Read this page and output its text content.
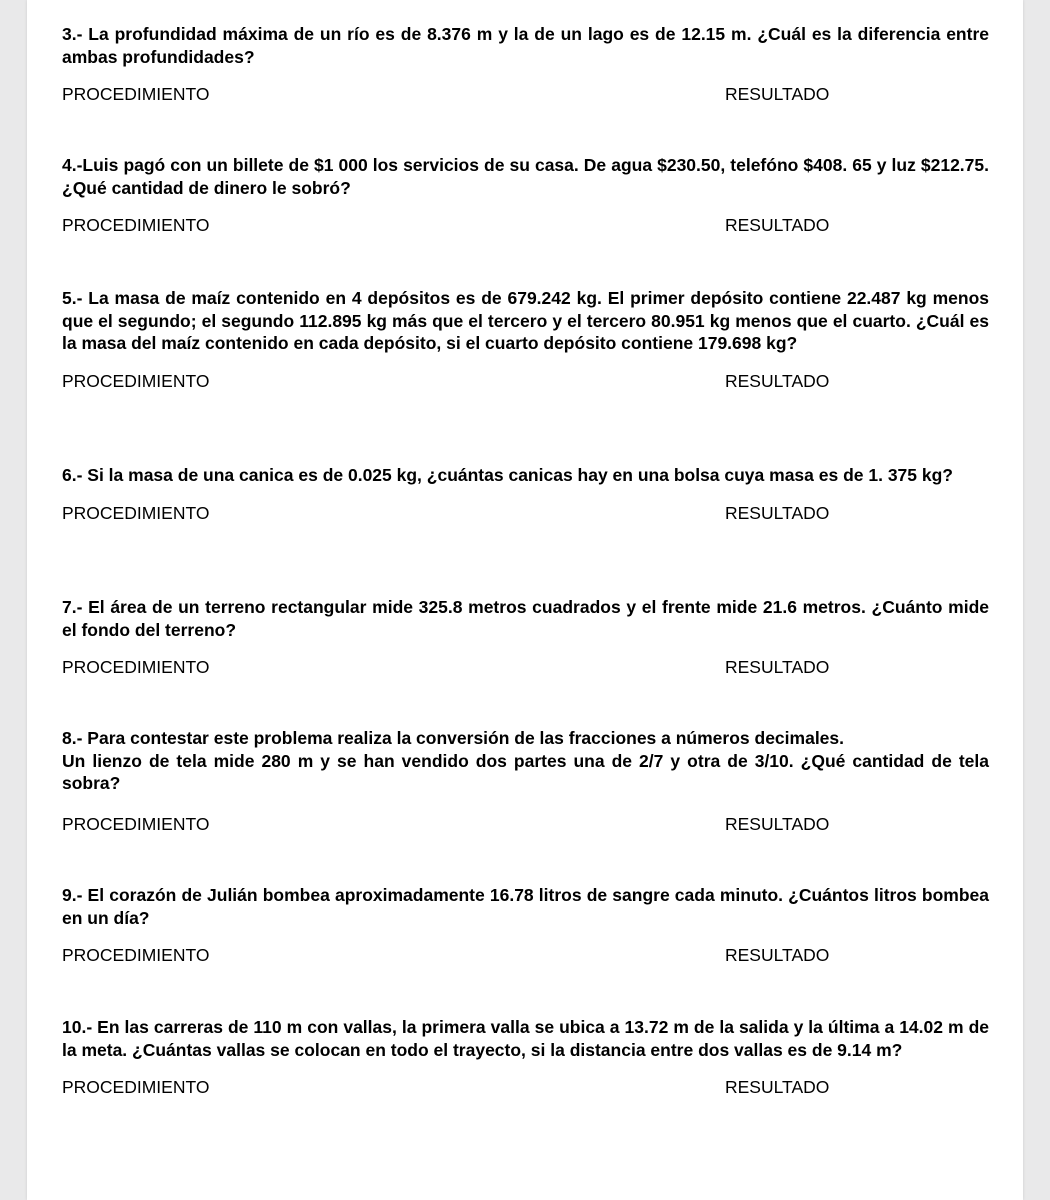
3.- La profundidad máxima de un río es de 8.376 m y la de un lago es de 12.15 m. ¿Cuál es la diferencia entre ambas profundidades?

PROCEDIMIENTO	RESULTADO

4.-Luis pagó con un billete de $1 000 los servicios de su casa. De agua $230.50, telefóno $408. 65 y luz $212.75. ¿Qué cantidad de dinero le sobró?

PROCEDIMIENTO	RESULTADO

5.- La masa de maíz contenido en 4 depósitos es de 679.242 kg. El primer depósito contiene 22.487 kg menos que el segundo; el segundo 112.895 kg más que el tercero y el tercero 80.951 kg menos que el cuarto. ¿Cuál es la masa del maíz contenido en cada depósito, si el cuarto depósito contiene 179.698 kg?

PROCEDIMIENTO	RESULTADO

6.- Si la masa de una canica es de 0.025 kg, ¿cuántas canicas hay en una bolsa cuya masa es de 1. 375 kg?

PROCEDIMIENTO	RESULTADO

7.- El área de un terreno rectangular mide 325.8 metros cuadrados y el frente mide 21.6 metros. ¿Cuánto mide el fondo del terreno?

PROCEDIMIENTO	RESULTADO

8.- Para contestar este problema realiza la conversión de las fracciones a números decimales.
Un lienzo de tela mide 280 m y se han vendido dos partes una de 2/7 y otra de 3/10. ¿Qué cantidad de tela sobra?

PROCEDIMIENTO	RESULTADO

9.- El corazón de Julián bombea aproximadamente 16.78 litros de sangre cada minuto. ¿Cuántos litros bombea en un día?

PROCEDIMIENTO	RESULTADO

10.- En las carreras de 110 m con vallas, la primera valla se ubica a 13.72 m de la salida y la última a 14.02 m de la meta. ¿Cuántas vallas se colocan en todo el trayecto, si la distancia entre dos vallas es de 9.14 m?

PROCEDIMIENTO	RESULTADO
